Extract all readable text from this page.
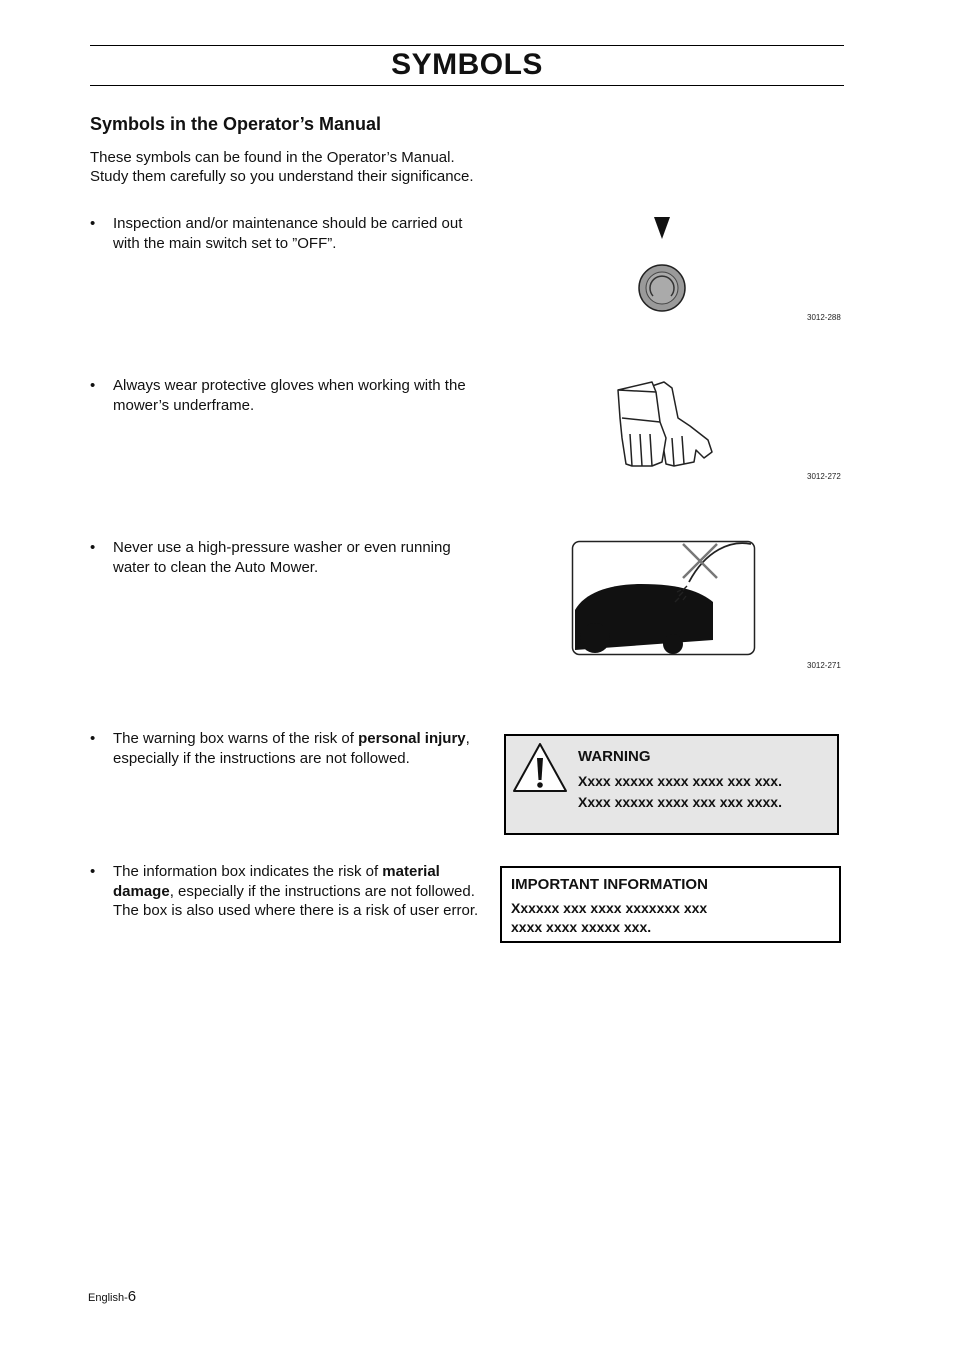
SYMBOLS
Symbols in the Operator’s Manual
These symbols can be found in the Operator’s Manual. Study them carefully so you understand their significance.
• Inspection and/or maintenance should be carried out with the main switch set to ”OFF”.
3012-288
• Always wear protective gloves when working with the mower’s underframe.
3012-272
• Never use a high-pressure washer or even running water to clean the Auto Mower.
3012-271
• The warning box warns of the risk of personal injury, especially if the instructions are not followed.	WARNING
Xxxx xxxxx xxxx xxxx xxx xxx.
Xxxx xxxxx xxxx xxx xxx xxxx.
• The information box indicates the risk of material damage, especially if the instructions are not followed. The box is also used where there is a risk of user error.
IMPORTANT INFORMATION
Xxxxxx xxx xxxx xxxxxxx xxx
xxxx xxxx xxxxx xxx.
English-6
